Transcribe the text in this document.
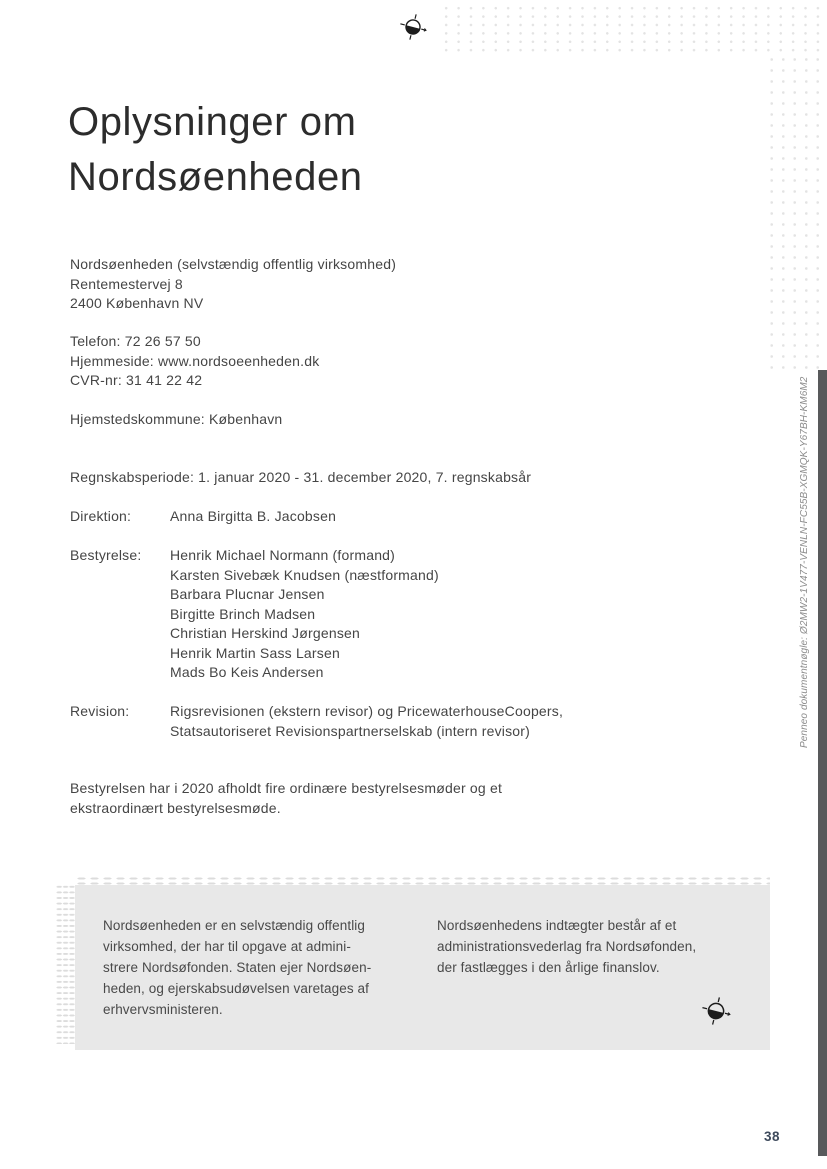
Oplysninger om
Nordsøenheden
Nordsøenheden (selvstændig offentlig virksomhed)
Rentemestervej 8
2400 København NV
Telefon: 72 26 57 50
Hjemmeside: www.nordsoeenheden.dk
CVR-nr: 31 41 22 42
Hjemstedskommune: København
Regnskabsperiode: 1. januar 2020 - 31. december 2020, 7. regnskabsår
Direktion:	Anna Birgitta B. Jacobsen
Bestyrelse:	Henrik Michael Normann (formand)
Karsten Sivebæk Knudsen (næstformand)
Barbara Plucnar Jensen
Birgitte Brinch Madsen
Christian Herskind Jørgensen
Henrik Martin Sass Larsen
Mads Bo Keis Andersen
Revision:	Rigsrevisionen (ekstern revisor) og PricewaterhouseCoopers,
Statsautoriseret Revisionspartnerselskab (intern revisor)
Bestyrelsen har i 2020 afholdt fire ordinære bestyrelsesmøder og et
ekstraordinært bestyrelsesmøde.
Nordsøenheden er en selvstændig offentlig
virksomhed, der har til opgave at admini-
strere Nordsøfonden. Staten ejer Nordsøen-
heden, og ejerskabsudøvelsen varetages af
erhvervsministeren.
Nordsøenhedens indtægter består af et
administrationsvederlag fra Nordsøfonden,
der fastlægges i den årlige finanslov.
Penneo dokumentnøgle: Ø2MW2-1V477-VENLN-FC55B-XGMQK-Y67BH-KM6M2
38
